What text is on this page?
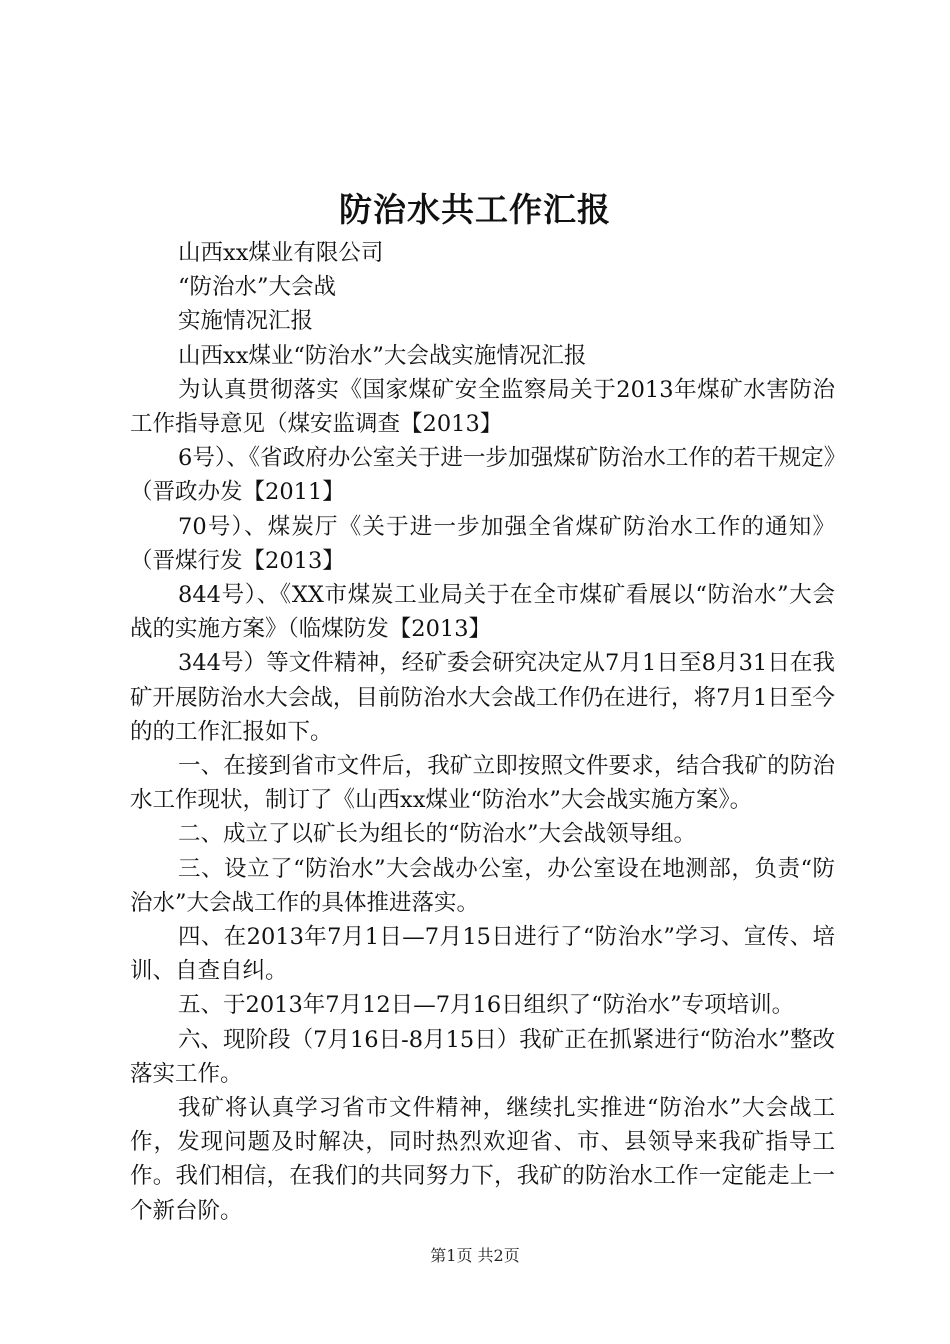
防治水共工作汇报

山西xx煤业有限公司

“防治水”大会战

实施情况汇报

山西xx煤业“防治水”大会战实施情况汇报

为认真贯彻落实《国家煤矿安全监察局关于2013年煤矿水害防治工作指导意见（煤安监调查【2013】

6号）、《省政府办公室关于进一步加强煤矿防治水工作的若干规定》（晋政办发【2011】

70号）、煤炭厅《关于进一步加强全省煤矿防治水工作的通知》（晋煤行发【2013】

844号）、《XX市煤炭工业局关于在全市煤矿看展以“防治水”大会战的实施方案》（临煤防发【2013】

344号）等文件精神，经矿委会研究决定从7月1日至8月31日在我矿开展防治水大会战，目前防治水大会战工作仍在进行，将7月1日至今的的工作汇报如下。

一、在接到省市文件后，我矿立即按照文件要求，结合我矿的防治水工作现状，制订了《山西xx煤业“防治水”大会战实施方案》。

二、成立了以矿长为组长的“防治水”大会战领导组。

三、设立了“防治水”大会战办公室，办公室设在地测部，负责“防治水”大会战工作的具体推进落实。

四、在2013年7月1日—7月15日进行了“防治水”学习、宣传、培训、自查自纠。

五、于2013年7月12日—7月16日组织了“防治水”专项培训。

六、现阶段（7月16日-8月15日）我矿正在抓紧进行“防治水”整改落实工作。

我矿将认真学习省市文件精神，继续扎实推进“防治水”大会战工作，发现问题及时解决，同时热烈欢迎省、市、县领导来我矿指导工作。我们相信，在我们的共同努力下，我矿的防治水工作一定能走上一个新台阶。

第1页 共2页
